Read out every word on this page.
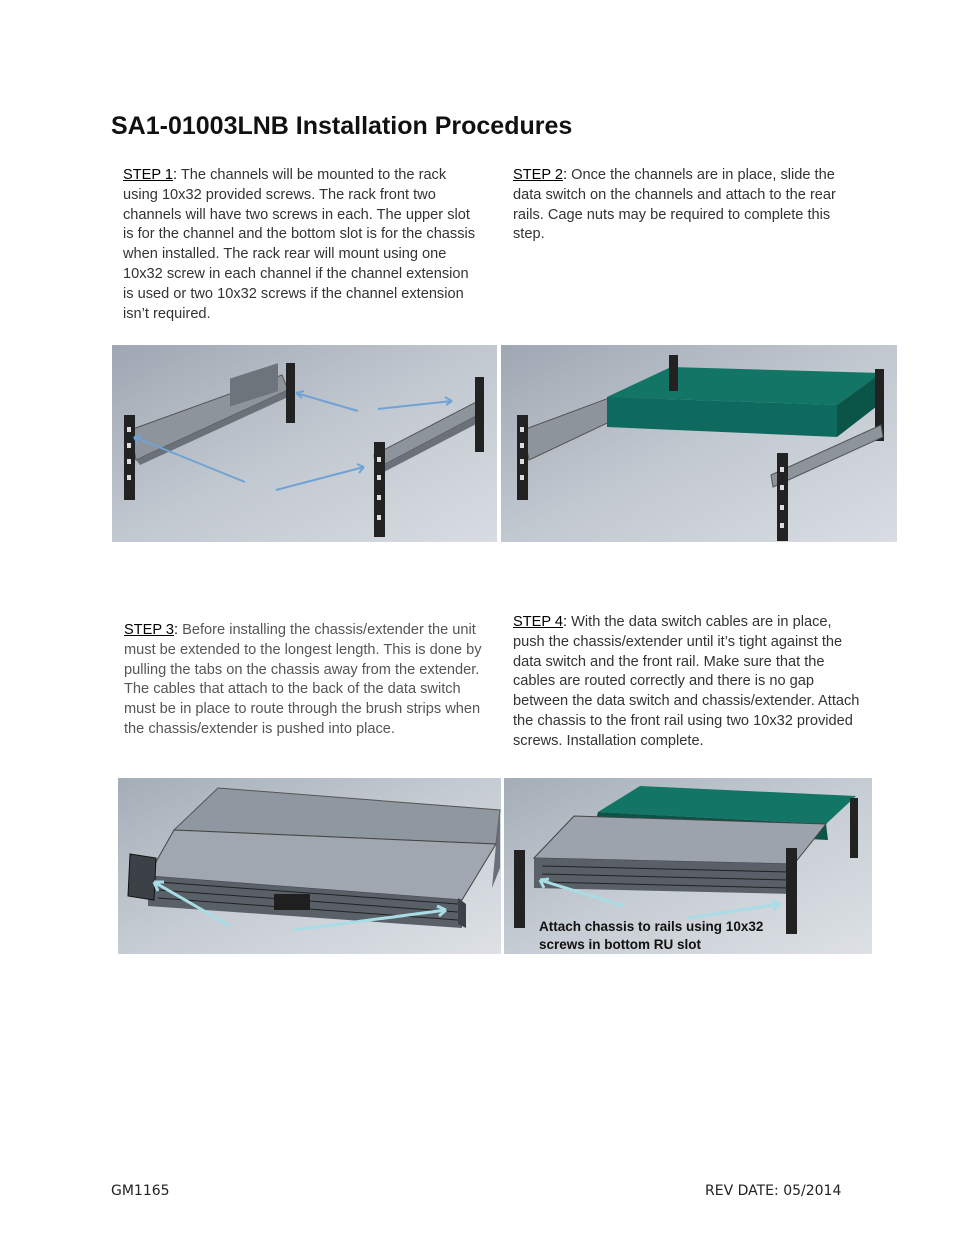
SA1-01003LNB Installation Procedures
STEP 1: The channels will be mounted to the rack using 10x32 provided screws. The rack front two channels will have two screws in each. The upper slot is for the channel and the bottom slot is for the chassis when installed. The rack rear will mount using one 10x32 screw in each channel if the channel extension is used or two 10x32 screws if the channel extension isn’t required.
STEP 2: Once the channels are in place, slide the data switch on the channels and attach to the rear rails. Cage nuts may be required to complete this step.
STEP 3: Before installing the chassis/extender the unit must be extended to the longest length. This is done by pulling the tabs on the chassis away from the extender. The cables that attach to the back of the data switch must be in place to route through the brush strips when the chassis/extender is pushed into place.
STEP 4: With the data switch cables are in place, push the chassis/extender until it’s tight against the data switch and the front rail. Make sure that the cables are routed correctly and there is no gap between the data switch and chassis/extender. Attach the chassis to the front rail using two 10x32 provided screws. Installation complete.
Attach chassis to rails using 10x32
screws in bottom RU slot
GM1165	REV DATE: 05/2014
